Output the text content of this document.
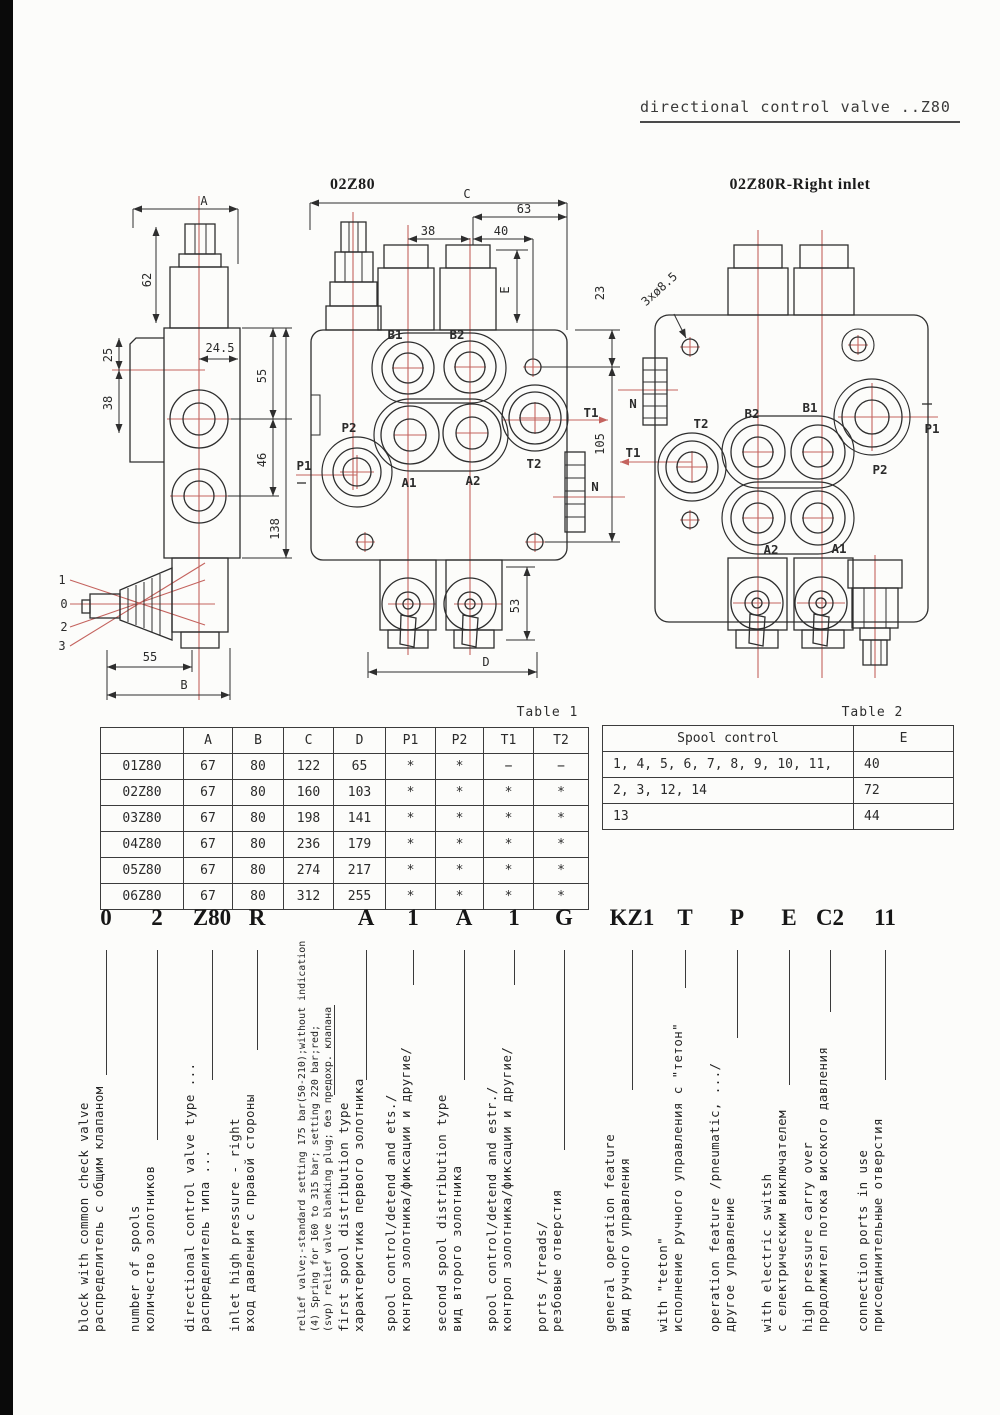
directional control valve ..Z80
02Z80	02Z80R-Right inlet
A
62
25
38
24.5
55
46
138
55
B
1
0
2
3
C
63
38	40
E	23
105
53
D
B1	B2
P1
P2
A1	A2
T1
T2
N
3xø8.5
N
T1
T2
B2	B1
P1
P2
A2	A1
Table 1
	A	B	C	D	P1	P2	T1	T2
01Z80	67	80	122	65	*	*	−	−
02Z80	67	80	160	103	*	*	*	*
03Z80	67	80	198	141	*	*	*	*
04Z80	67	80	236	179	*	*	*	*
05Z80	67	80	274	217	*	*	*	*
06Z80	67	80	312	255	*	*	*	*
Table 2
Spool control	E
1, 4, 5, 6, 7, 8, 9, 10, 11,	40
2, 3, 12, 14	72
13	44
0 2 Z80 R	A 1 A 1 G KZ1 T P E C2 11
block with common check valve распределитель с общим клапаном number of spools количество золотников directional control valve type ... распределитель типа ... inlet high pressure - right вход давления с правой стороны	relief valve;-standard setting 175 bar(50-210);without indication (4) Spring for 160 to 315 bar; setting 220 bar;red; (svp) relief valve blanking plug; без предохр. клапана first spool distribution type характеристика первого золотника spool control/detend and ets./ контрол золотника/фиксации и другие/ second spool distribution type вид второго золотника spool control/detend and estr./ контрол золотника/фиксации и другие/ ports /treads/ резбовые отверстия	general operation feature вид ручного управления with "teton" исполнение ручного управления с "тетон" operation feature /pneumatic, .../ другое управление with electric switsh с електрическим виключателем high pressure carry over продолжител потока високого давления connection ports in use присоединительные отверстия
